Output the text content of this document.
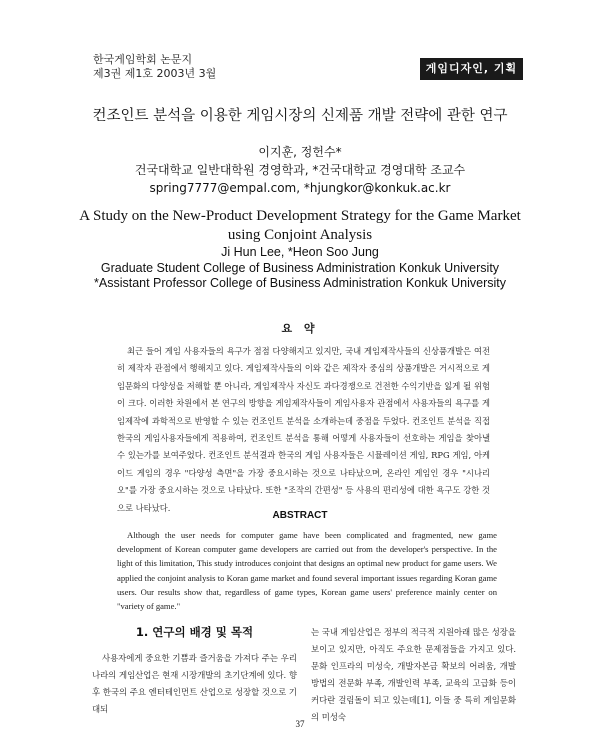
한국게임학회 논문지
제3권 제1호 2003년 3월	게임디자인, 기획
컨조인트 분석을 이용한 게임시장의 신제품 개발 전략에 관한 연구
이지훈, 정헌수*
건국대학교 일반대학원 경영학과, *건국대학교 경영대학 조교수
spring7777@empal.com, *hjungkor@konkuk.ac.kr
A Study on the New-Product Development Strategy for the Game Market
using Conjoint Analysis
Ji Hun Lee, *Heon Soo Jung
Graduate Student College of Business Administration Konkuk University
*Assistant Professor College of Business Administration Konkuk University
요 약

최근 들어 게임 사용자들의 욕구가 점점 다양해지고 있지만, 국내 게임제작사들의 신상품개발은 여전히 제작자 관점에서 행해지고 있다. 게임제작사들의 이와 같은 제작자 중심의 상품개발은 거시적으로 게임문화의 다양성을 저해할 뿐 아니라, 게임제작사 자신도 과다경쟁으로 건전한 수익기반을 잃게 될 위험이 크다. 이러한 차원에서 본 연구의 방향을 게임제작사들이 게임사용자 관점에서 사용자들의 욕구를 게임제작에 과학적으로 반영할 수 있는 컨조인트 분석을 소개하는데 중점을 두었다. 컨조인트 분석을 직접 한국의 게임사용자들에게 적용하여, 컨조인트 분석을 통해 어떻게 사용자들이 선호하는 게임을 찾아낼 수 있는가를 보여주었다. 컨조인트 분석결과 한국의 게임 사용자들은 시뮬레이션 게임, RPG 게임, 아케이드 게임의 경우 "다양성 측면"을 가장 중요시하는 것으로 나타났으며, 온라인 게임인 경우 "시나리오"를 가장 중요시하는 것으로 나타났다. 또한 "조작의 간편성" 등 사용의 편리성에 대한 욕구도 강한 것으로 나타났다.

ABSTRACT

Although the user needs for computer game have been complicated and fragmented, new game development of Korean computer game developers are carried out from the developer's perspective. In the light of this limitation, This study introduces conjoint that designs an optimal new product for game users. We applied the conjoint analysis to Koran game market and found several important issues regarding Koran game users. Our results show that, regardless of game types, Korean game users' preference mainly center on "variety of game."

1. 연구의 배경 및 목적

사용자에게 중요한 기쁨과 즐거움을 가져다 주는 우리나라의 게임산업은 현재 시장개발의 초기단계에 있다. 향후 한국의 주요 엔터테인먼트 산업으로 성장할 것으로 기대되

는 국내 게임산업은 정부의 적극적 지원아래 많은 성장을 보이고 있지만, 아직도 주요한 문제점들을 가지고 있다. 문화 인프라의 미성숙, 개발자본금 확보의 어려움, 개발 방법의 전문화 부족, 개발인력 부족, 교육의 고급화 등이 커다란 걸림돌이 되고 있는데[1], 이들 중 특히 게임문화의 미성숙

37
